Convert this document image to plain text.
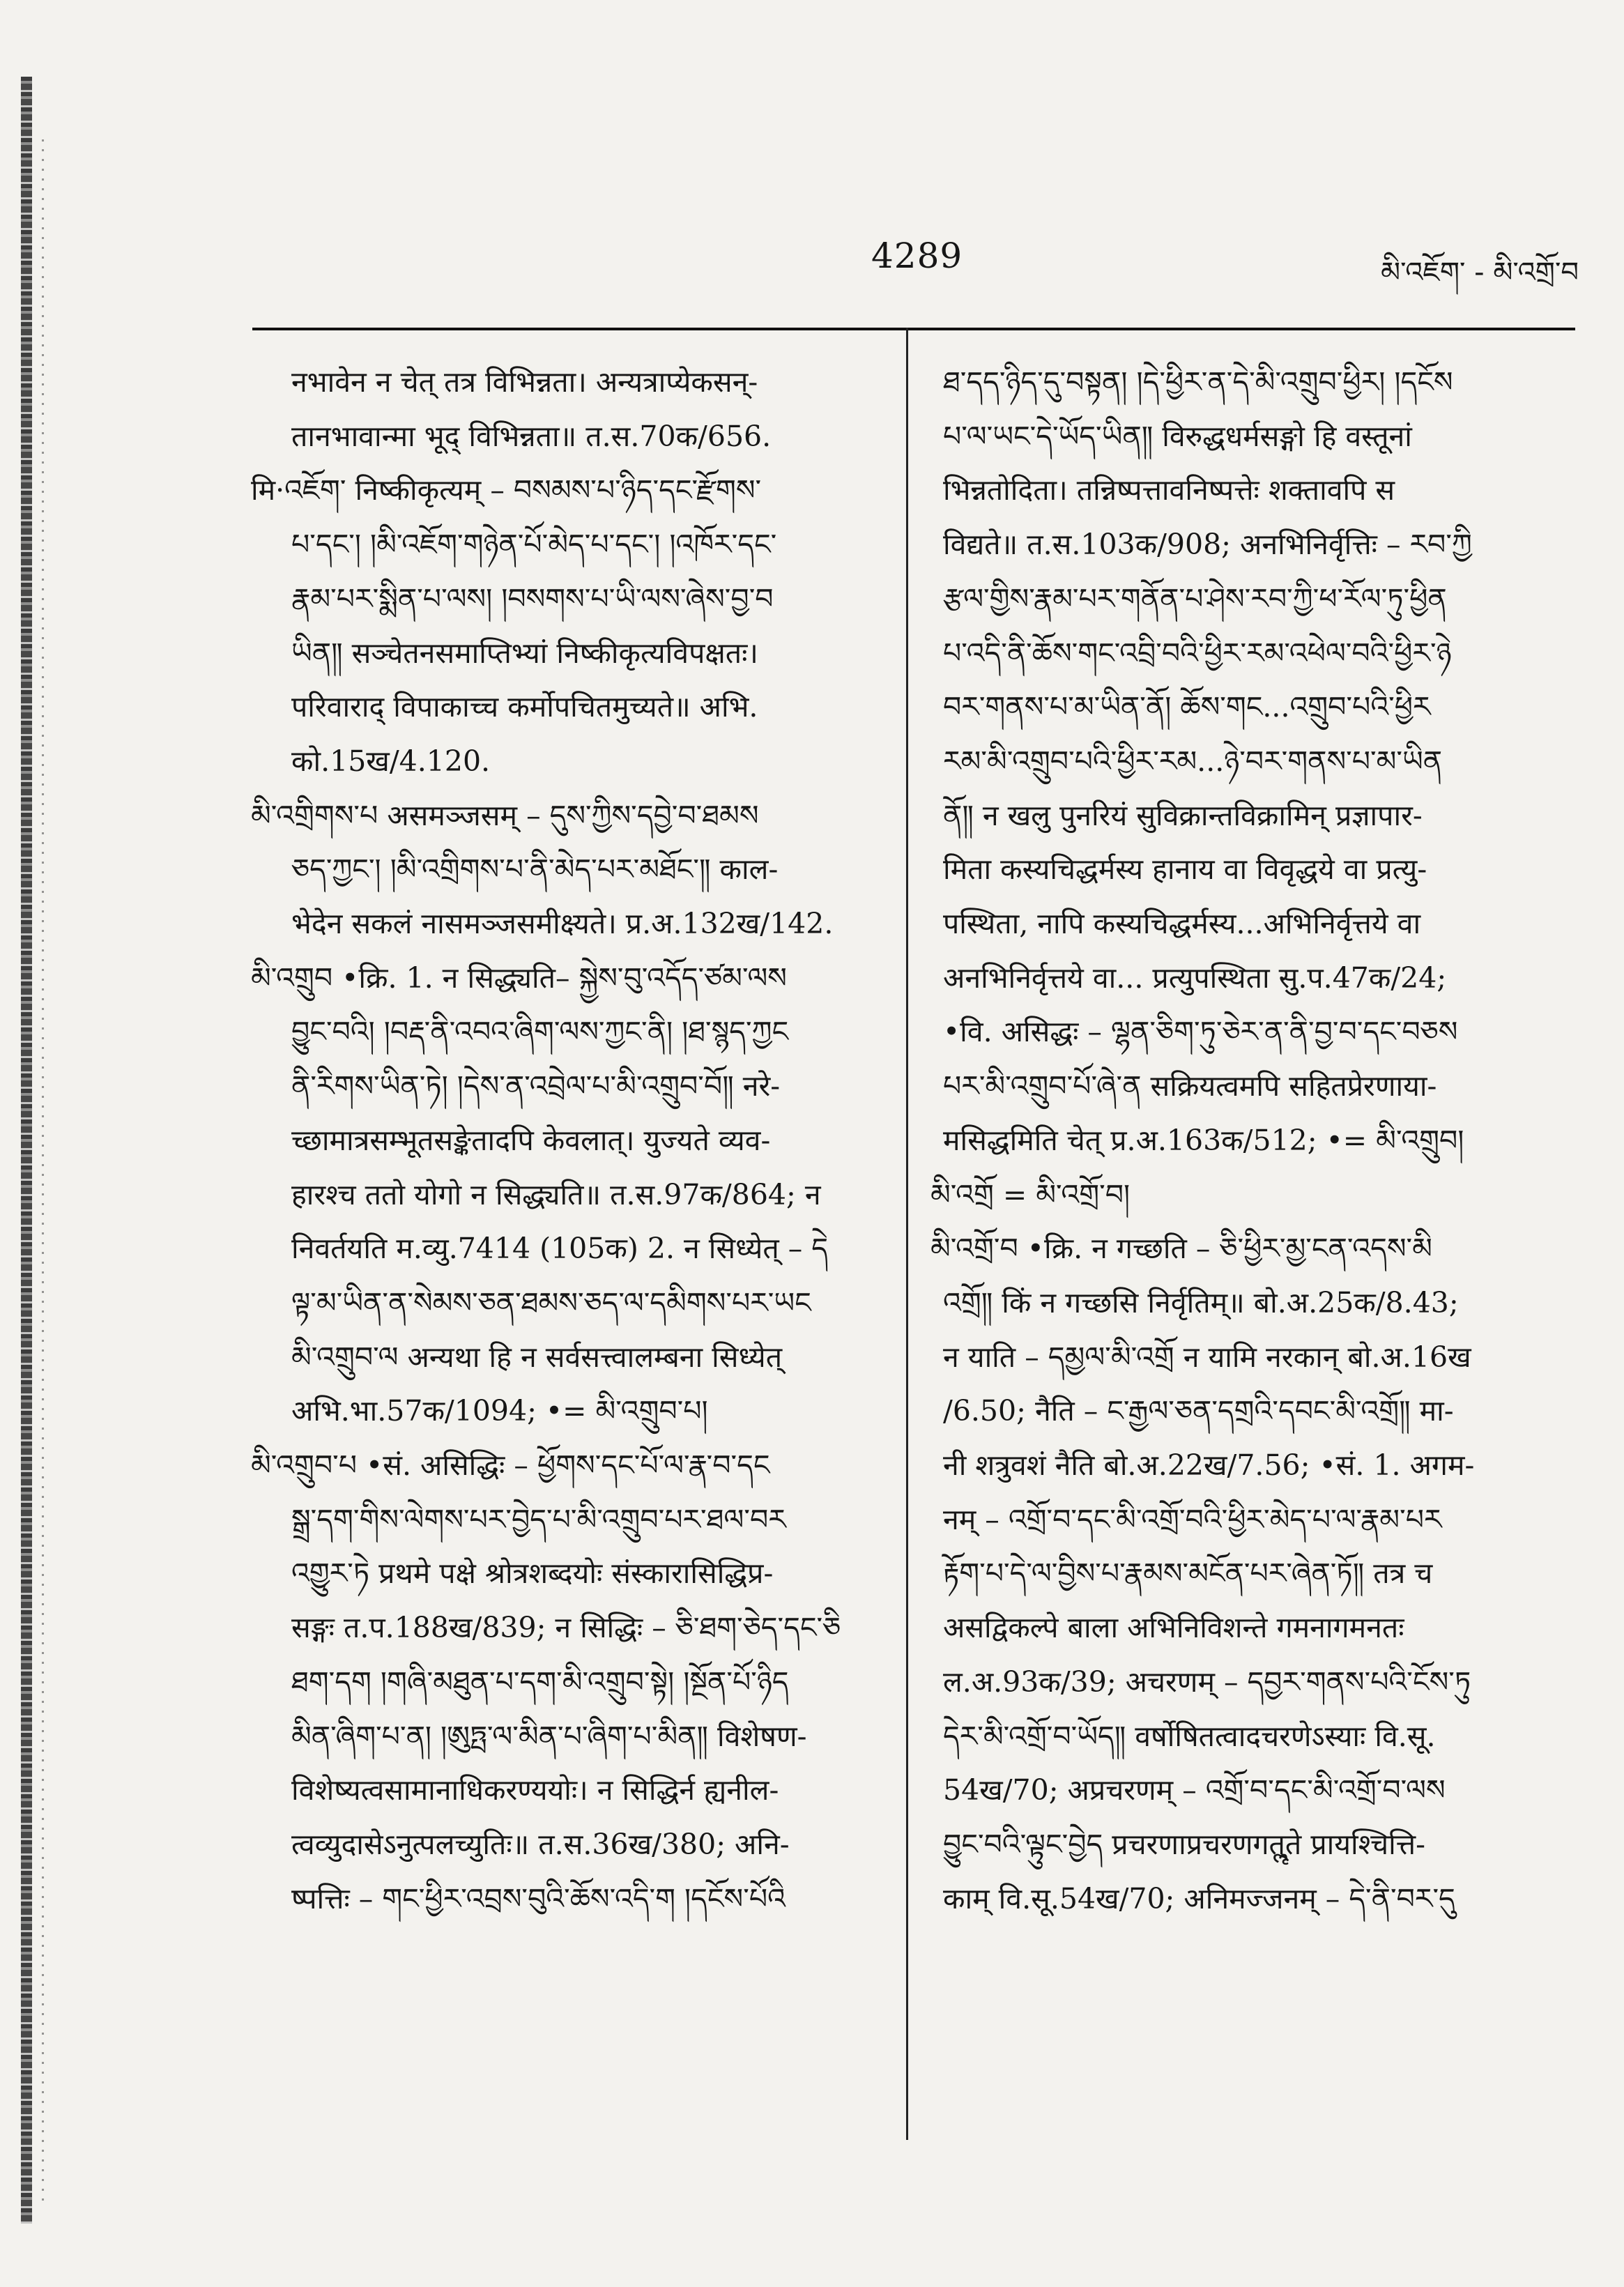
4289	མི་འཇོག་ - མི་འགྲོ་བ

नभावेन न चेत् तत्र विभिन्नता। अन्यत्राप्येकसन्-

तानभावान्मा भूद् विभिन्नता॥ त.स.70क/656.

मि·འཇོག་ निष्कीकृत्यम् – བསམས་པ་ཉིད་དང་རྫོགས་

པ་དང་། །མི་འཇོག་གཉེན་པོ་མེད་པ་དང་། །འཁོར་དང་

རྣམ་པར་སྨིན་པ་ལས། །བསགས་པ་ཡི་ལས་ཞེས་བྱ་བ

ཡིན༎ सञ्चेतनसमाप्तिभ्यां निष्कीकृत्यविपक्षतः।

परिवाराद् विपाकाच्च कर्मोपचितमुच्यते॥ अभि.

को.15ख/4.120.

མི་འགྲིགས་པ असमञ्जसम् – དུས་ཀྱིས་དབྱེ་བ་ཐམས

ཅད་ཀྱང་། །མི་འགྲིགས་པ་ནི་མེད་པར་མཐོང་༎ काल-

भेदेन सकलं नासमञ्जसमीक्ष्यते। प्र.अ.132ख/142.

མི་འགྲུབ •क्रि. 1. न सिद्ध्यति– སྐྱེས་བུ་འདོད་ཙམ་ལས

བྱུང་བའི། །བརྡ་ནི་འབའ་ཞིག་ལས་ཀྱང་ནི། །ཐ་སྙད་ཀྱང

ནི་རིགས་ཡིན་ཏེ། །དེས་ན་འབྲེལ་པ་མི་འགྲུབ་བོ༎ नरे-

च्छामात्रसम्भूतसङ्केतादपि केवलात्। युज्यते व्यव-

हारश्च ततो योगो न सिद्ध्यति॥ त.स.97क/864; न

निवर्तयति म.व्यु.7414 (105क) 2. न सिध्येत् – དེ

ལྟ་མ་ཡིན་ན་སེམས་ཅན་ཐམས་ཅད་ལ་དམིགས་པར་ཡང

མི་འགྲུབ་ལ अन्यथा हि न सर्वसत्त्वालम्बना सिध्येत्

अभि.भा.57क/1094; •= མི་འགྲུབ་པ།

མི་འགྲུབ་པ •सं. असिद्धिः – ཕྱོགས་དང་པོ་ལ་རྣ་བ་དང

སྒྲ་དག་གིས་ལེགས་པར་བྱེད་པ་མི་འགྲུབ་པར་ཐལ་བར

འགྱུར་ཏེ प्रथमे पक्षे श्रोत्रशब्दयोः संस्कारासिद्धिप्र-

सङ्गः त.प.188ख/839; न सिद्धिः – ཅི་ཐག་ཅེད་དང་ཅི

ཐག་དག །གཞི་མཐུན་པ་དག་མི་འགྲུབ་སྟེ། །སྔོན་པོ་ཉིད

མིན་ཞིག་པ་ན། །ཨུཏྤ་ལ་མིན་པ་ཞིག་པ་མིན༎ विशेषण-

विशेष्यत्वसामानाधिकरण्ययोः। न सिद्धिर्न ह्यनील-

त्वव्युदासेऽनुत्पलच्युतिः॥ त.स.36ख/380; अनि-

ष्पत्तिः – གང་ཕྱིར་འབྲས་བུའི་ཆོས་འདི་ག །དངོས་པོའི

ཐ་དད་ཉིད་དུ་བསྟན། །དེ་ཕྱིར་ན་དེ་མི་འགྲུབ་ཕྱིར། །དངོས

པ་ལ་ཡང་དེ་ཡོད་ཡིན༎ विरुद्धधर्मसङ्गो हि वस्तूनां

भिन्नतोदिता। तन्निष्पत्तावनिष्पत्तेः शक्तावपि स

विद्यते॥ त.स.103क/908; अनभिनिर्वृत्तिः – རབ་ཀྱི

རྩལ་གྱིས་རྣམ་པར་གནོན་པ་ཤེས་རབ་ཀྱི་ཕ་རོལ་ཏུ་ཕྱིན

པ་འདི་ནི་ཆོས་གང་འབྲི་བའི་ཕྱིར་རམ་འཕེལ་བའི་ཕྱིར་ཉེ

བར་གནས་པ་མ་ཡིན་ནོ། ཆོས་གང...འགྲུབ་པའི་ཕྱིར

རམ་མི་འགྲུབ་པའི་ཕྱིར་རམ...ཉེ་བར་གནས་པ་མ་ཡིན

ནོ༎ न खलु पुनरियं सुविक्रान्तविक्रामिन् प्रज्ञापार-

मिता कस्यचिद्धर्मस्य हानाय वा विवृद्धये वा प्रत्यु-

पस्थिता, नापि कस्यचिद्धर्मस्य...अभिनिर्वृत्तये वा

अनभिनिर्वृत्तये वा... प्रत्युपस्थिता सु.प.47क/24;

•वि. असिद्धः – ལྷན་ཅིག་ཏུ་ཅེར་ན་ནི་བྱ་བ་དང་བཅས

པར་མི་འགྲུབ་པོ་ཞེ་ན सक्रियत्वमपि सहितप्रेरणाया-

मसिद्धमिति चेत् प्र.अ.163क/512; •= མི་འགྲུབ།

མི་འགྲོ = མི་འགྲོ་བ།

མི་འགྲོ་བ •क्रि. न गच्छति – ཅི་ཕྱིར་མྱ་ངན་འདས་མི

འགྲོ༎ किं न गच्छसि निर्वृतिम्॥ बो.अ.25क/8.43;

न याति – དམྱལ་མི་འགྲོ न यामि नरकान् बो.अ.16ख

/6.50; नैति – ང་རྒྱལ་ཅན་དགྲའི་དབང་མི་འགྲོ༎ मा-

नी शत्रुवशं नैति बो.अ.22ख/7.56; •सं. 1. अगम-

नम् – འགྲོ་བ་དང་མི་འགྲོ་བའི་ཕྱིར་མེད་པ་ལ་རྣམ་པར

རྟོག་པ་དེ་ལ་བྱིས་པ་རྣམས་མངོན་པར་ཞེན་ཏོ༎ तत्र च

असद्विकल्पे बाला अभिनिविशन्ते गमनागमनतः

ल.अ.93क/39; अचरणम् – དབྱར་གནས་པའི་ངོས་ཏུ

དེར་མི་འགྲོ་བ་ཡོད༎ वर्षोषितत्वादचरणेऽस्याः वि.सू.

54ख/70; अप्रचरणम् – འགྲོ་བ་དང་མི་འགྲོ་བ་ལས

བྱུང་བའི་ལྟུང་བྱེད प्रचरणाप्रचरणगतॢ्ते प्रायश्चित्ति-

काम् वि.सू.54ख/70; अनिमज्जनम् – དེ་ནི་བར་དུ
